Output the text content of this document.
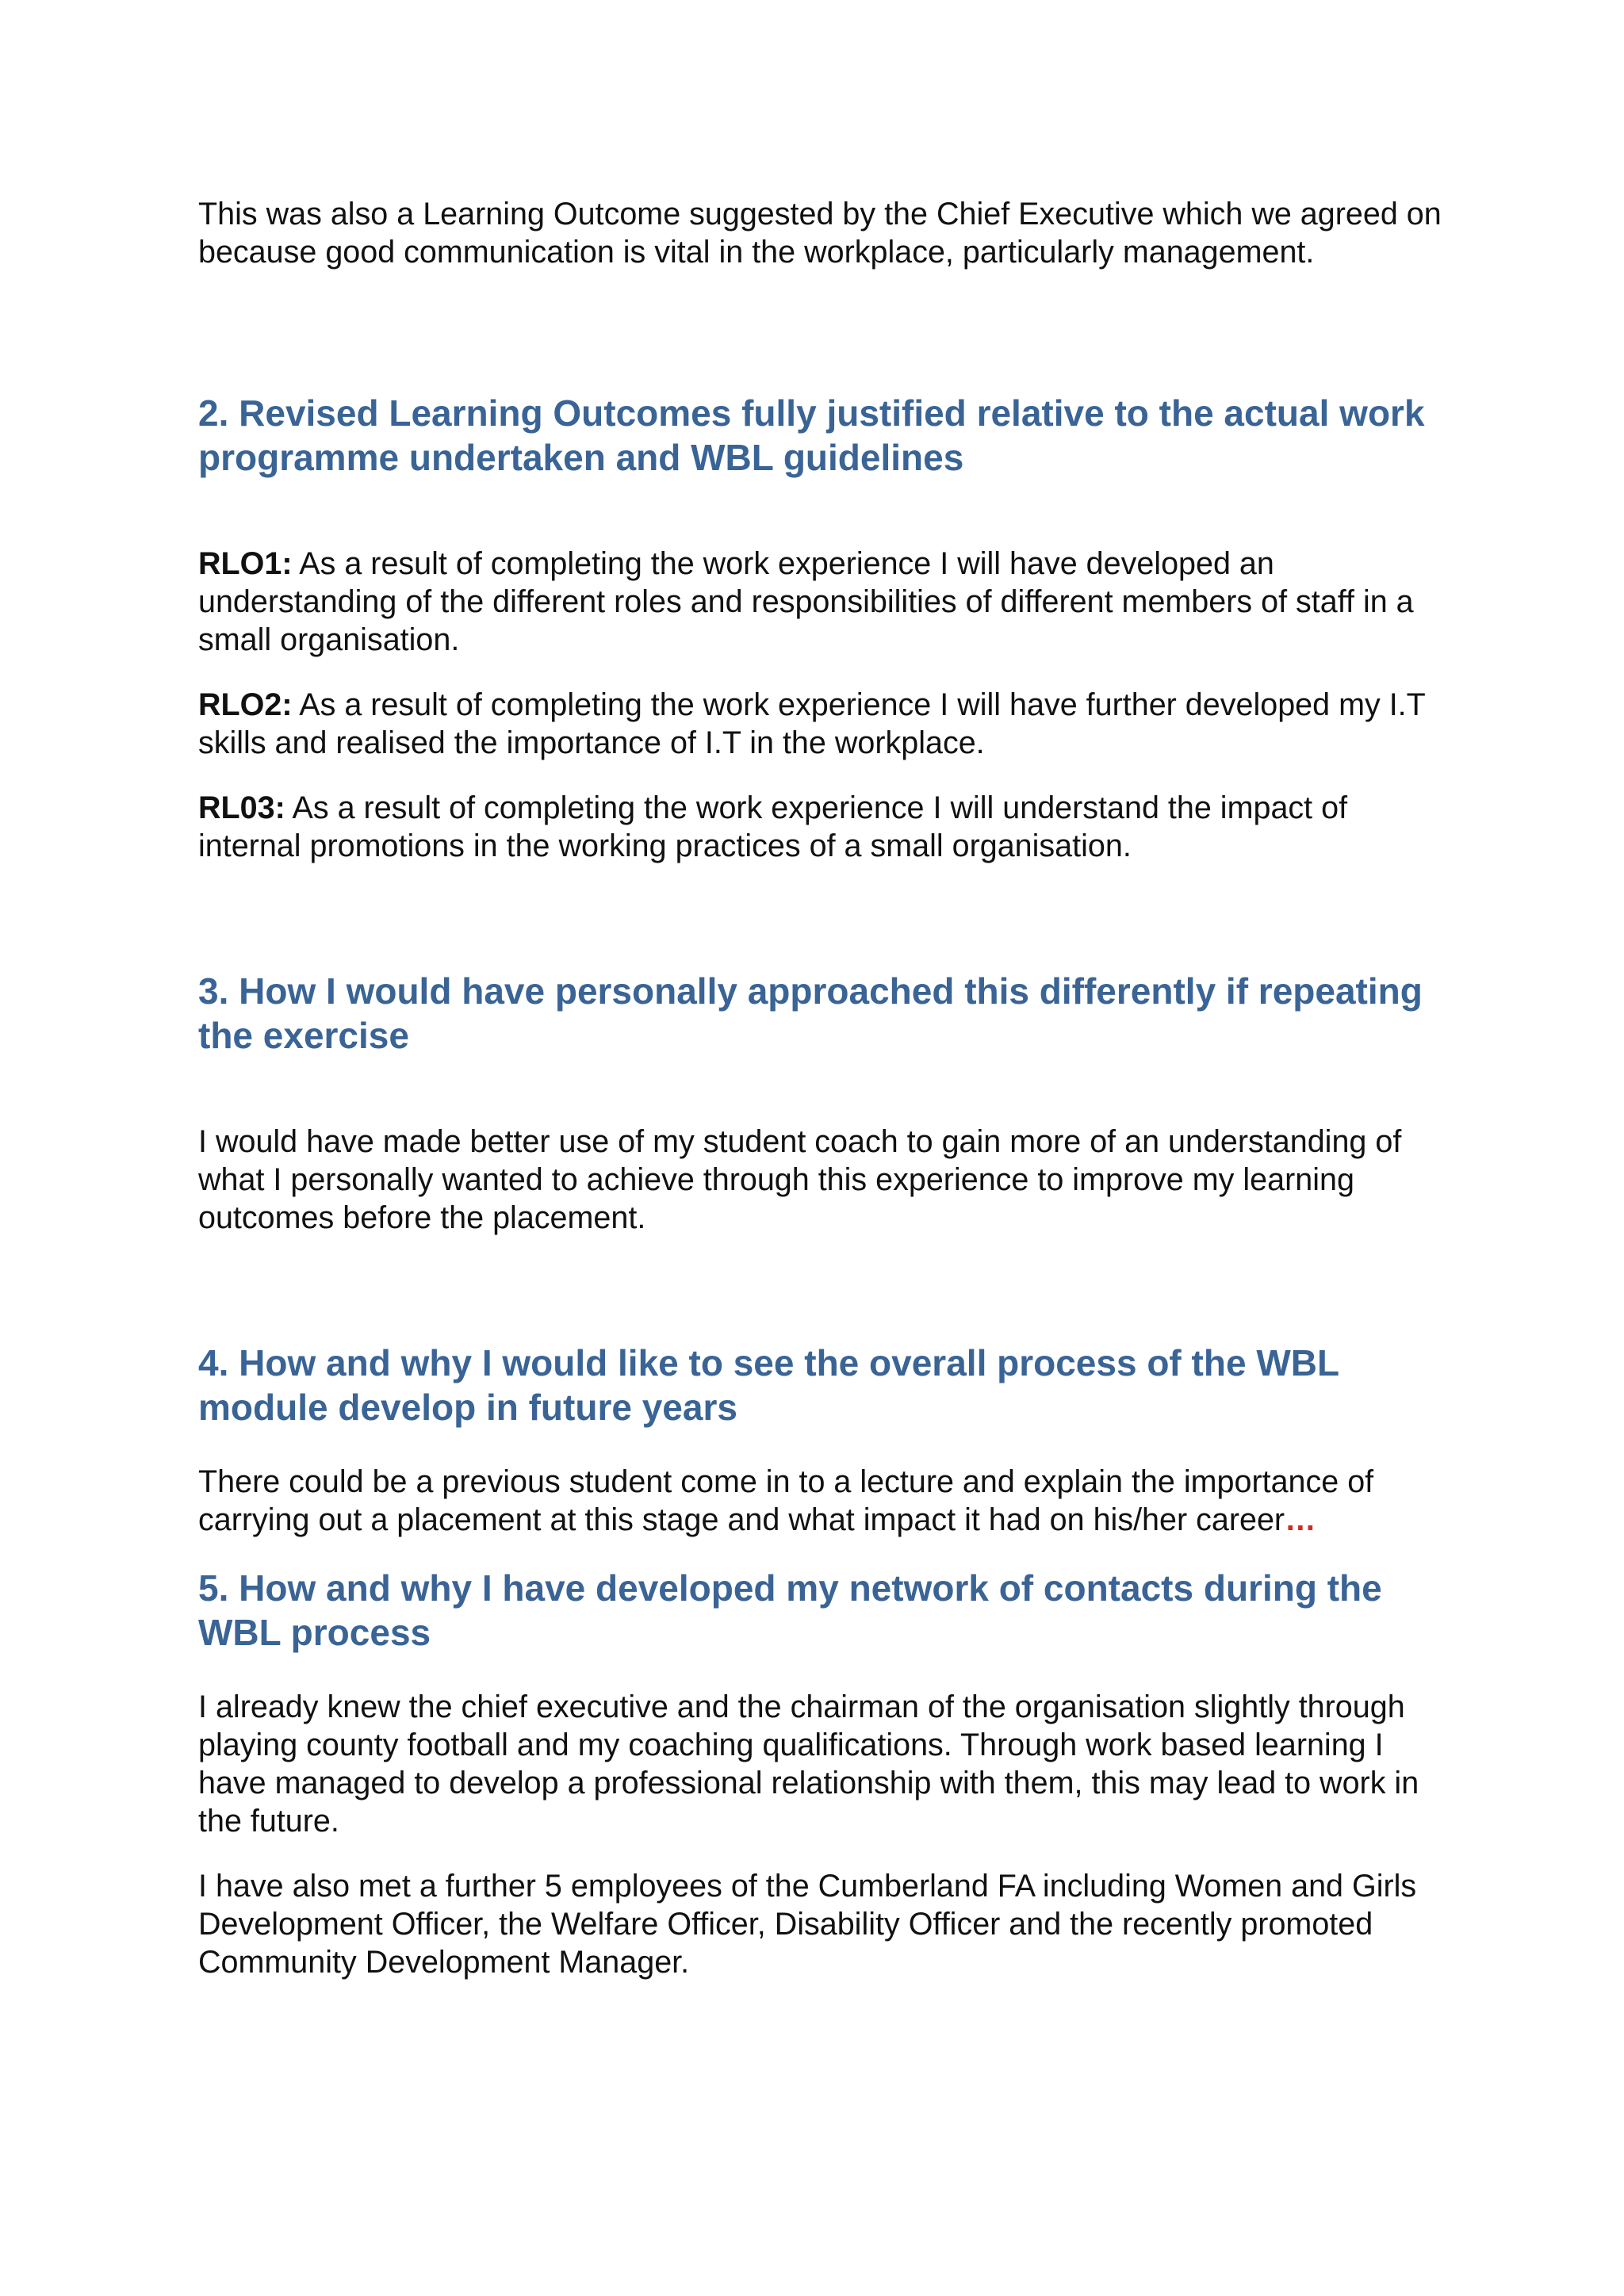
This was also a Learning Outcome suggested by the Chief Executive which we agreed on because good communication is vital in the workplace, particularly management.

2. Revised Learning Outcomes fully justified relative to the actual work programme undertaken and WBL guidelines

RLO1: As a result of completing the work experience I will have developed an understanding of the different roles and responsibilities of different members of staff in a small organisation.

RLO2: As a result of completing the work experience I will have further developed my I.T skills and realised the importance of I.T in the workplace.

RL03: As a result of completing the work experience I will understand the impact of internal promotions in the working practices of a small organisation.

3. How I would have personally approached this differently if repeating the exercise

I would have made better use of my student coach to gain more of an understanding of what I personally wanted to achieve through this experience to improve my learning outcomes before the placement.

4. How and why I would like to see the overall process of the WBL module develop in future years

There could be a previous student come in to a lecture and explain the importance of carrying out a placement at this stage and what impact it had on his/her career…

5. How and why I have developed my network of contacts during the WBL process

I already knew the chief executive and the chairman of the organisation slightly through playing county football and my coaching qualifications. Through work based learning I have managed to develop a professional relationship with them, this may lead to work in the future.

I have also met a further 5 employees of the Cumberland FA including Women and Girls Development Officer, the Welfare Officer, Disability Officer and the recently promoted Community Development Manager.
